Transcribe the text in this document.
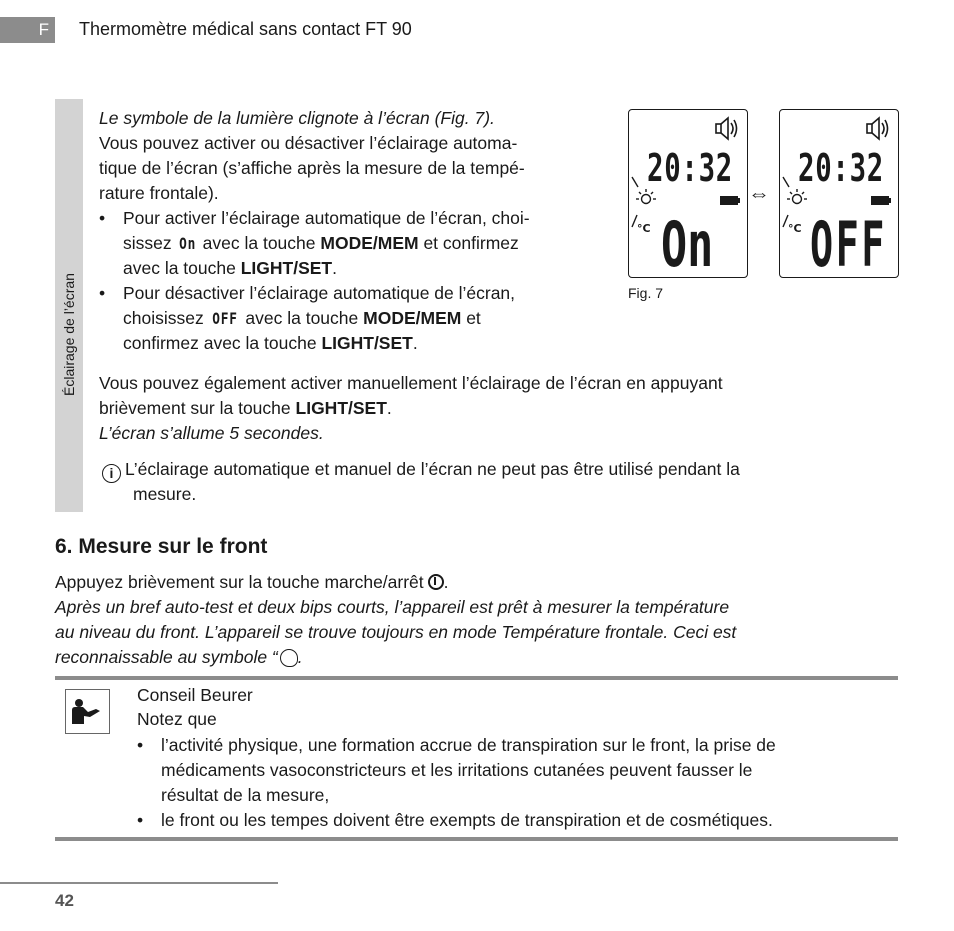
F	Thermomètre médical sans contact FT 90
Éclairage de l’écran
Le symbole de la lumière clignote à l’écran (Fig. 7).
Vous pouvez activer ou désactiver l’éclairage automa-
tique de l’écran (s’affiche après la mesure de la tempé-
rature frontale).
• Pour activer l’éclairage automatique de l’écran, choi-
sissez On avec la touche MODE/MEM et confirmez
avec la touche LIGHT/SET.
• Pour désactiver l’éclairage automatique de l’écran,
choisissez OFF avec la touche MODE/MEM et
confirmez avec la touche LIGHT/SET.
Vous pouvez également activer manuellement l’éclairage de l’écran en appuyant
brièvement sur la touche LIGHT/SET.
L’écran s’allume 5 secondes.
i L’éclairage automatique et manuel de l’écran ne peut pas être utilisé pendant la
mesure.
20:32
°C On
⇔
20:32
°C OFF
Fig. 7
6. Mesure sur le front
Appuyez brièvement sur la touche marche/arrêt .
Après un bref auto-test et deux bips courts, l’appareil est prêt à mesurer la température
au niveau du front. L’appareil se trouve toujours en mode Température frontale. Ceci est
reconnaissable au symbole “ .
Conseil Beurer
Notez que
• l’activité physique, une formation accrue de transpiration sur le front, la prise de
médicaments vasoconstricteurs et les irritations cutanées peuvent fausser le
résultat de la mesure,
• le front ou les tempes doivent être exempts de transpiration et de cosmétiques.
42
